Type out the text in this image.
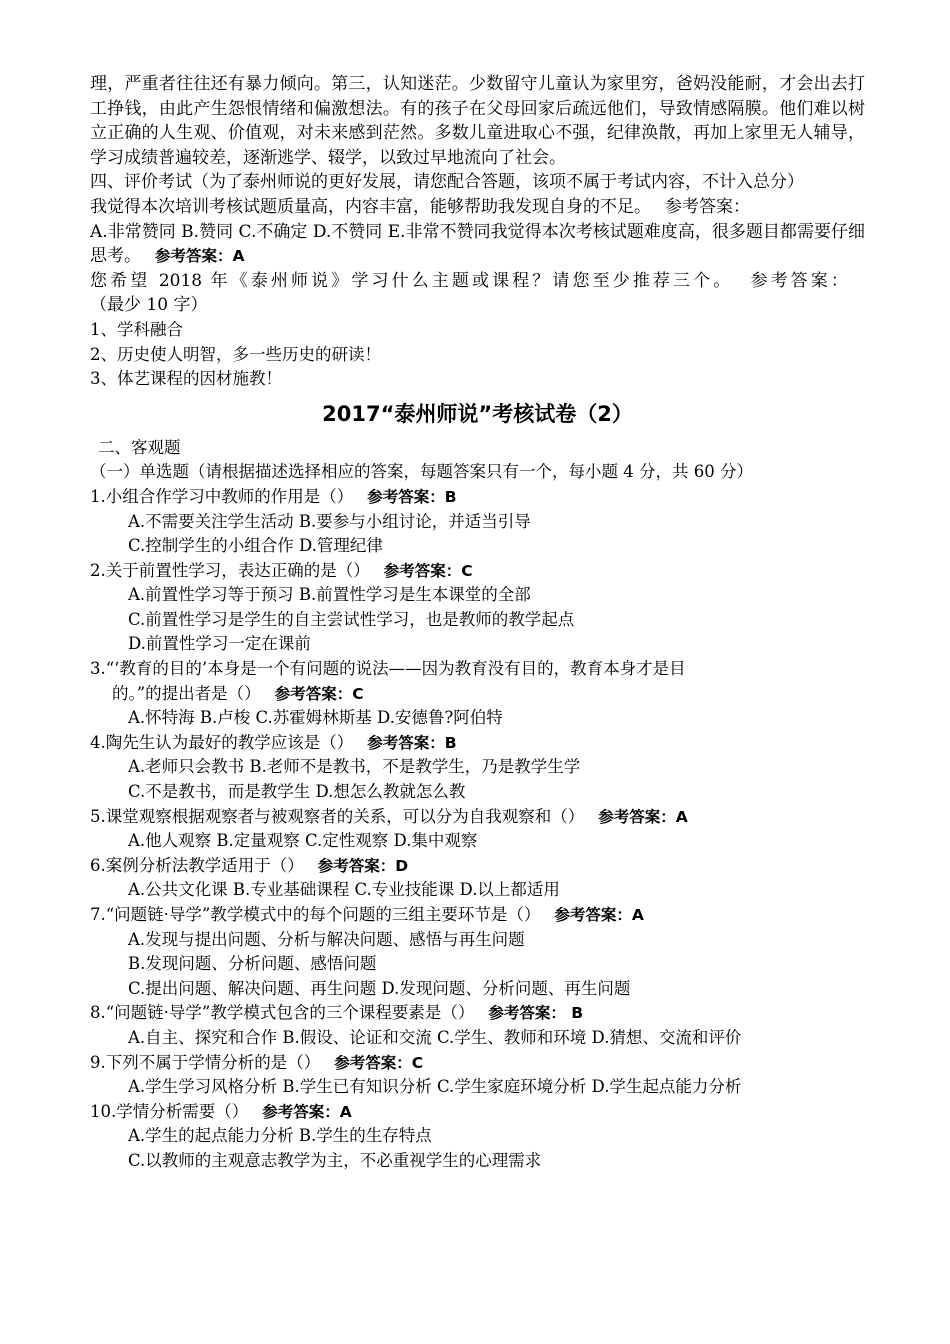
理，严重者往往还有暴力倾向。第三，认知迷茫。少数留守儿童认为家里穷，爸妈没能耐，才会出去打工挣钱，由此产生怨恨情绪和偏激想法。有的孩子在父母回家后疏远他们，导致情感隔膜。他们难以树立正确的人生观、价值观，对未来感到茫然。多数儿童进取心不强，纪律涣散，再加上家里无人辅导，学习成绩普遍较差，逐渐逃学、辍学，以致过早地流向了社会。

四、评价考试（为了泰州师说的更好发展，请您配合答题，该项不属于考试内容，不计入总分）

我觉得本次培训考核试题质量高，内容丰富，能够帮助我发现自身的不足。 参考答案：

A.非常赞同 B.赞同 C.不确定 D.不赞同 E.非常不赞同我觉得本次考核试题难度高，很多题目都需要仔细思考。 参考答案：A

您希望 2018 年《泰州师说》学习什么主题或课程？请您至少推荐三个。 参考答案：（最少 10 字）

1、学科融合

2、历史使人明智，多一些历史的研读！

3、体艺课程的因材施教！

2017“泰州师说”考核试卷（2）

二、客观题

（一）单选题（请根据描述选择相应的答案，每题答案只有一个，每小题 4 分，共 60 分）

1.小组合作学习中教师的作用是（） 参考答案：B

A.不需要关注学生活动 B.要参与小组讨论，并适当引导

C.控制学生的小组合作 D.管理纪律

2.关于前置性学习，表达正确的是（） 参考答案：C

A.前置性学习等于预习 B.前置性学习是生本课堂的全部

C.前置性学习是学生的自主尝试性学习，也是教师的教学起点

D.前置性学习一定在课前

3.“‘教育的目的’本身是一个有问题的说法——因为教育没有目的，教育本身才是目

的。”的提出者是（） 参考答案：C

A.怀特海 B.卢梭 C.苏霍姆林斯基 D.安德鲁?阿伯特

4.陶先生认为最好的教学应该是（） 参考答案：B

A.老师只会教书 B.老师不是教书，不是教学生，乃是教学生学

C.不是教书，而是教学生 D.想怎么教就怎么教

5.课堂观察根据观察者与被观察者的关系，可以分为自我观察和（） 参考答案：A

A.他人观察 B.定量观察 C.定性观察 D.集中观察

6.案例分析法教学适用于（） 参考答案：D

A.公共文化课 B.专业基础课程 C.专业技能课 D.以上都适用

7.“问题链·导学”教学模式中的每个问题的三组主要环节是（） 参考答案：A

A.发现与提出问题、分析与解决问题、感悟与再生问题

B.发现问题、分析问题、感悟问题

C.提出问题、解决问题、再生问题 D.发现问题、分析问题、再生问题

8.“问题链·导学”教学模式包含的三个课程要素是（） 参考答案： B

A.自主、探究和合作 B.假设、论证和交流 C.学生、教师和环境 D.猜想、交流和评价

9.下列不属于学情分析的是（） 参考答案：C

A.学生学习风格分析 B.学生已有知识分析 C.学生家庭环境分析 D.学生起点能力分析

10.学情分析需要（） 参考答案：A

A.学生的起点能力分析 B.学生的生存特点

C.以教师的主观意志教学为主，不必重视学生的心理需求
